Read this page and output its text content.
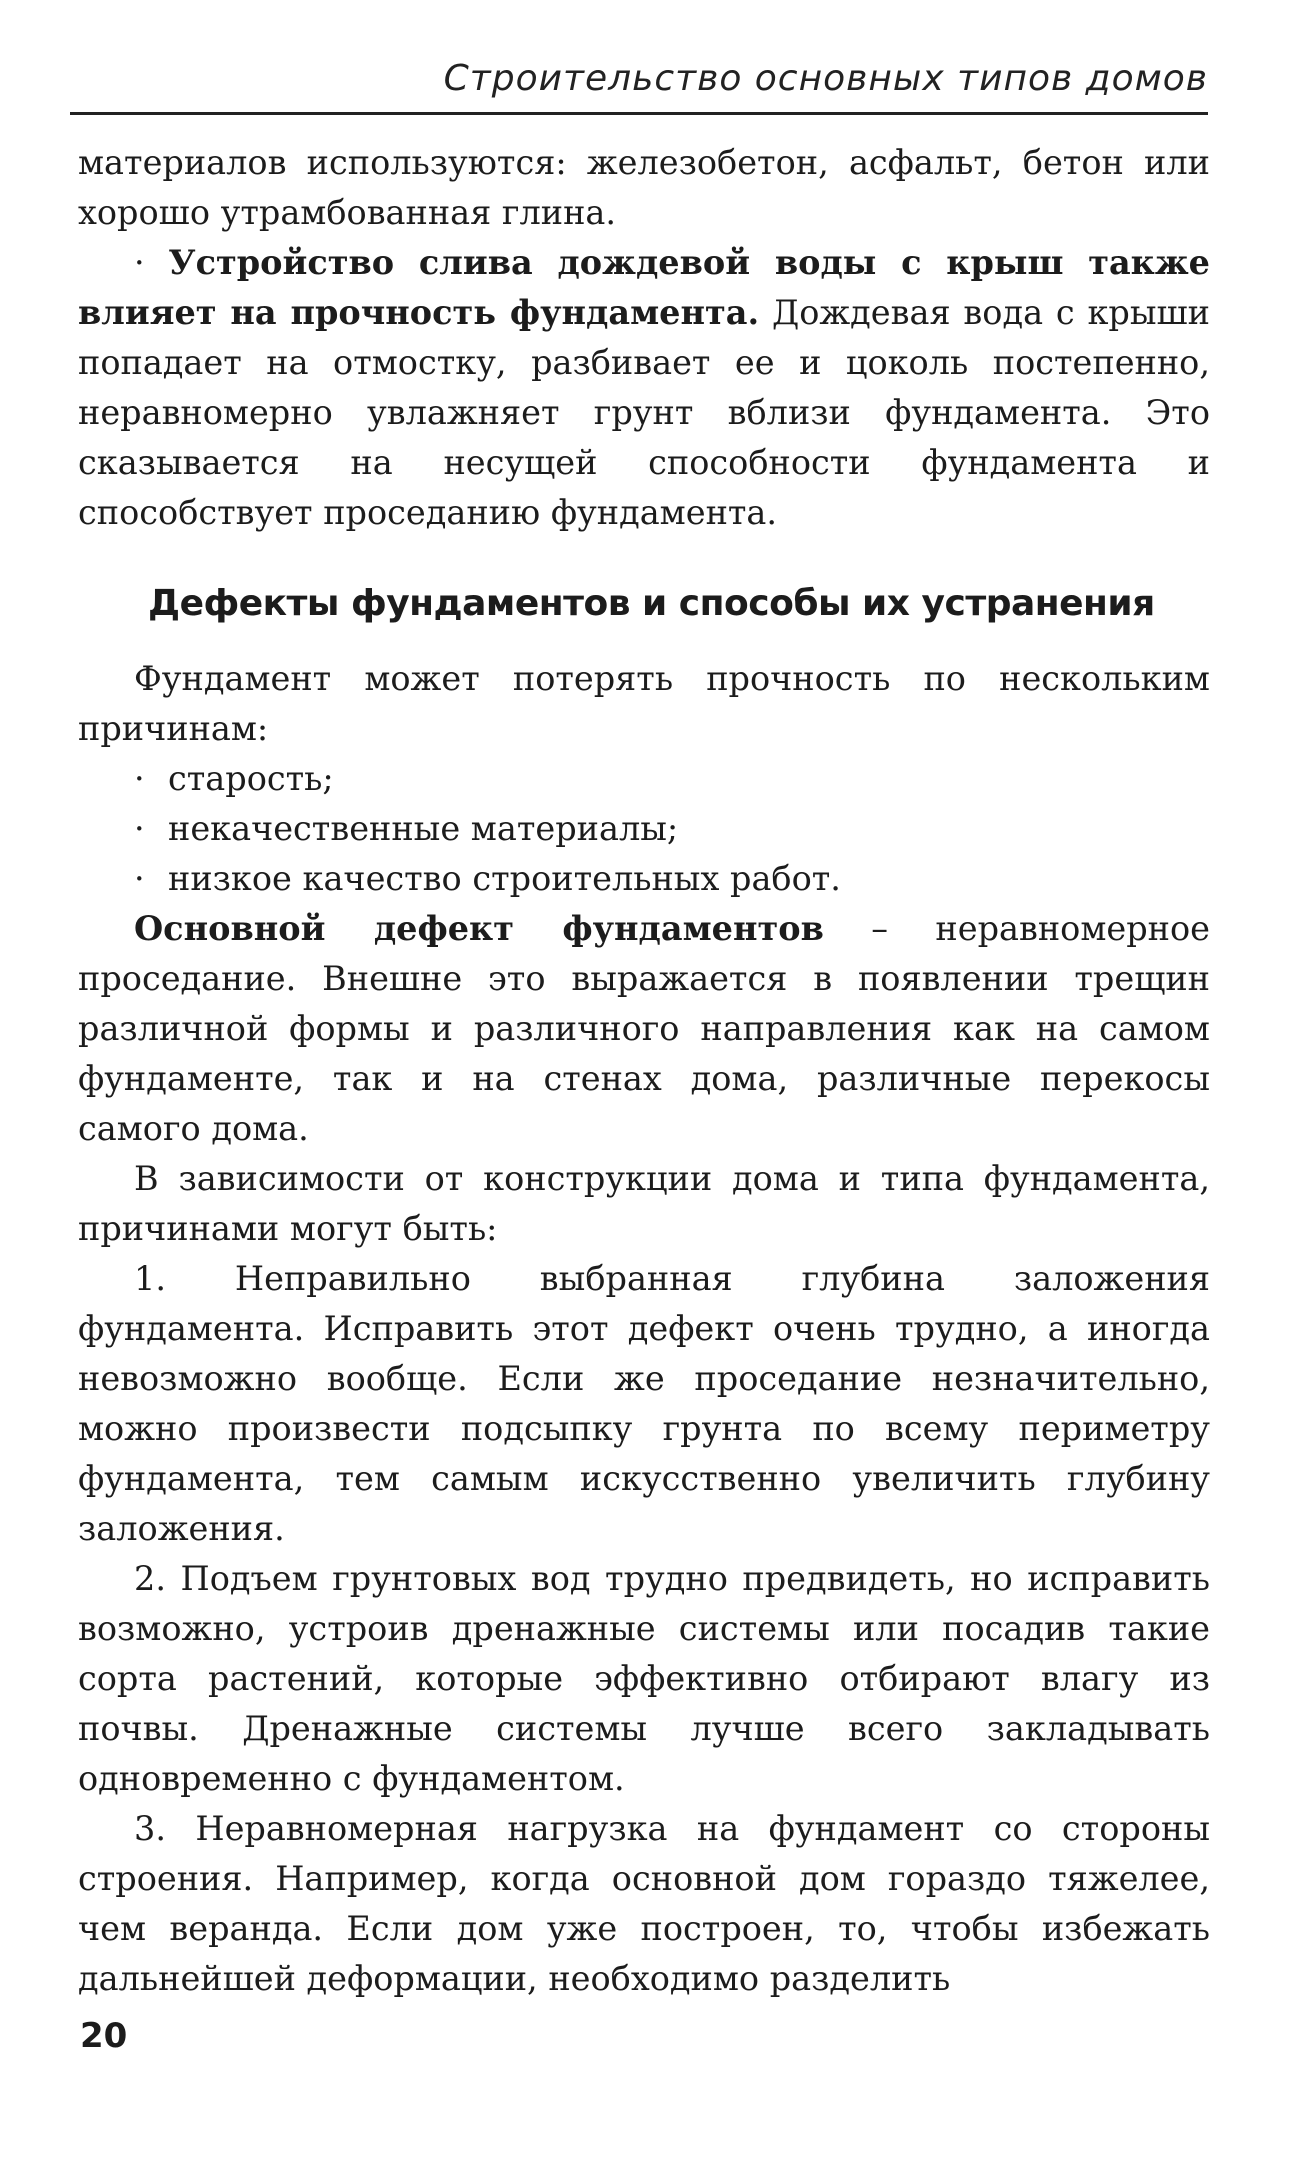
Строительство основных типов домов

материалов используются: железобетон, асфальт, бетон или хорошо утрамбованная глина.

· Устройство слива дождевой воды с крыш также влияет на прочность фундамента. Дождевая вода с крыши попадает на отмостку, разбивает ее и цоколь постепенно, неравномерно увлажняет грунт вблизи фундамента. Это сказывается на несущей способности фундамента и способствует проседанию фундамента.

Дефекты фундаментов и способы их устранения

Фундамент может потерять прочность по нескольким причинам:

· старость;
· некачественные материалы;
· низкое качество строительных работ.

Основной дефект фундаментов – неравномерное проседание. Внешне это выражается в появлении трещин различной формы и различного направления как на самом фундаменте, так и на стенах дома, различные перекосы самого дома.

В зависимости от конструкции дома и типа фундамента, причинами могут быть:

1. Неправильно выбранная глубина заложения фундамента. Исправить этот дефект очень трудно, а иногда невозможно вообще. Если же проседание незначительно, можно произвести подсыпку грунта по всему периметру фундамента, тем самым искусственно увеличить глубину заложения.

2. Подъем грунтовых вод трудно предвидеть, но исправить возможно, устроив дренажные системы или посадив такие сорта растений, которые эффективно отбирают влагу из почвы. Дренажные системы лучше всего закладывать одновременно с фундаментом.

3. Неравномерная нагрузка на фундамент со стороны строения. Например, когда основной дом гораздо тяжелее, чем веранда. Если дом уже построен, то, чтобы избежать дальнейшей деформации, необходимо разделить

20
